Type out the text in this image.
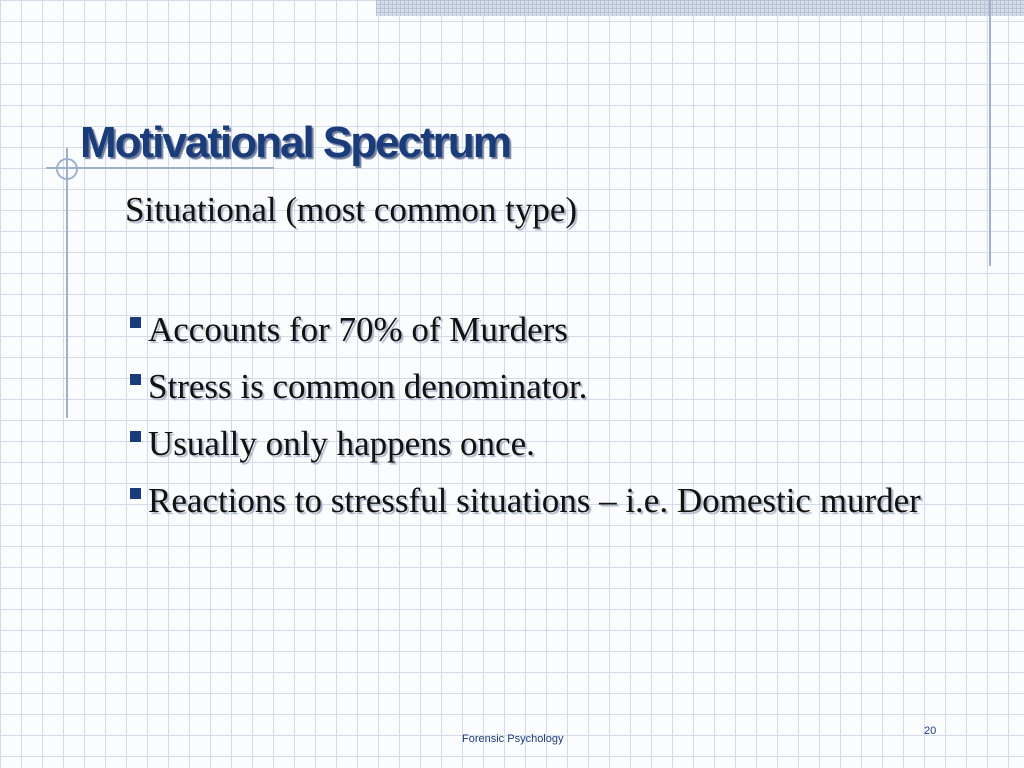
Motivational Spectrum

Situational (most common type)

Accounts for 70% of Murders
Stress is common denominator.
Usually only happens once.
Reactions to stressful situations – i.e. Domestic murder
Forensic Psychology
20
